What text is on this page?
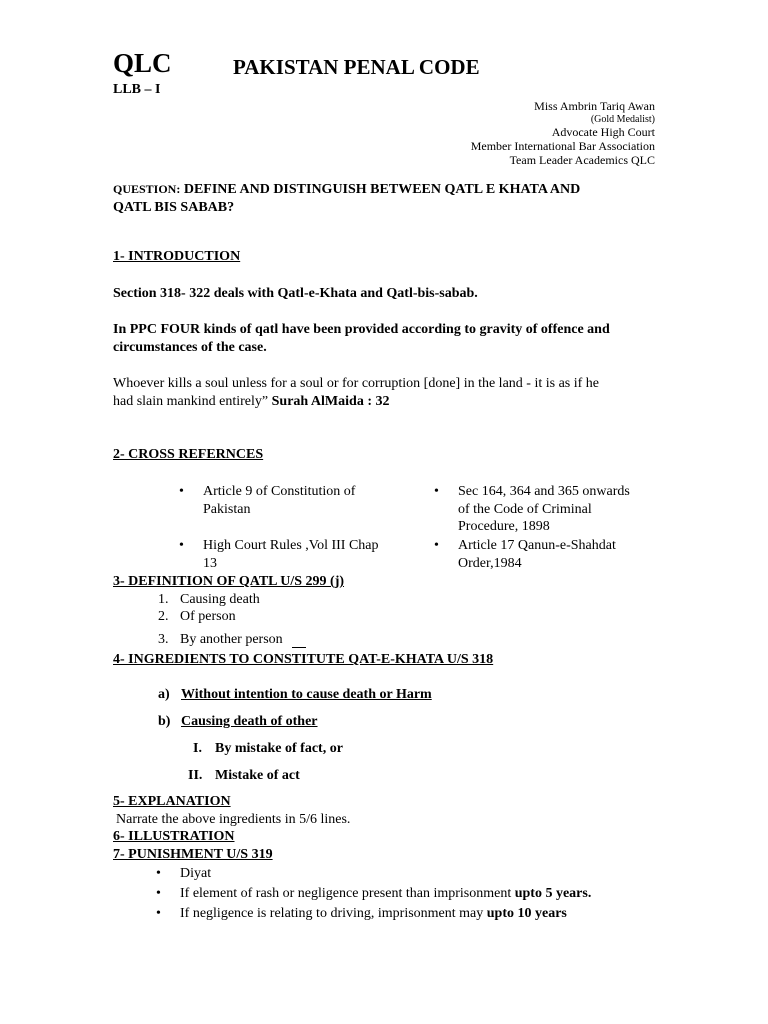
QLC	PAKISTAN PENAL CODE
LLB – I
Miss Ambrin Tariq Awan
(Gold Medalist)
Advocate High Court
Member International Bar Association
Team Leader Academics QLC
QUESTION: DEFINE AND DISTINGUISH BETWEEN QATL E KHATA AND
QATL BIS SABAB?
1- INTRODUCTION
Section 318- 322 deals with Qatl-e-Khata and Qatl-bis-sabab.
In PPC FOUR kinds of qatl have been provided according to gravity of offence and
circumstances of the case.
Whoever kills a soul unless for a soul or for corruption [done] in the land - it is as if he
had slain mankind entirely” Surah AlMaida : 32
2- CROSS REFERNCES
• Article 9 of Constitution of
Pakistan
• High Court Rules ,Vol III Chap
13
• Sec 164, 364 and 365 onwards
of the Code of Criminal
Procedure, 1898
• Article 17 Qanun-e-Shahdat
Order,1984
3- DEFINITION OF QATL U/S 299 (j)
1. Causing death
2. Of person
3. By another person
4- INGREDIENTS TO CONSTITUTE QAT-E-KHATA U/S 318
a) Without intention to cause death or Harm
b) Causing death of other
I. By mistake of fact, or
II. Mistake of act
5- EXPLANATION
Narrate the above ingredients in 5/6 lines.
6- ILLUSTRATION
7- PUNISHMENT U/S 319
• Diyat
• If element of rash or negligence present than imprisonment upto 5 years.
• If negligence is relating to driving, imprisonment may upto 10 years
